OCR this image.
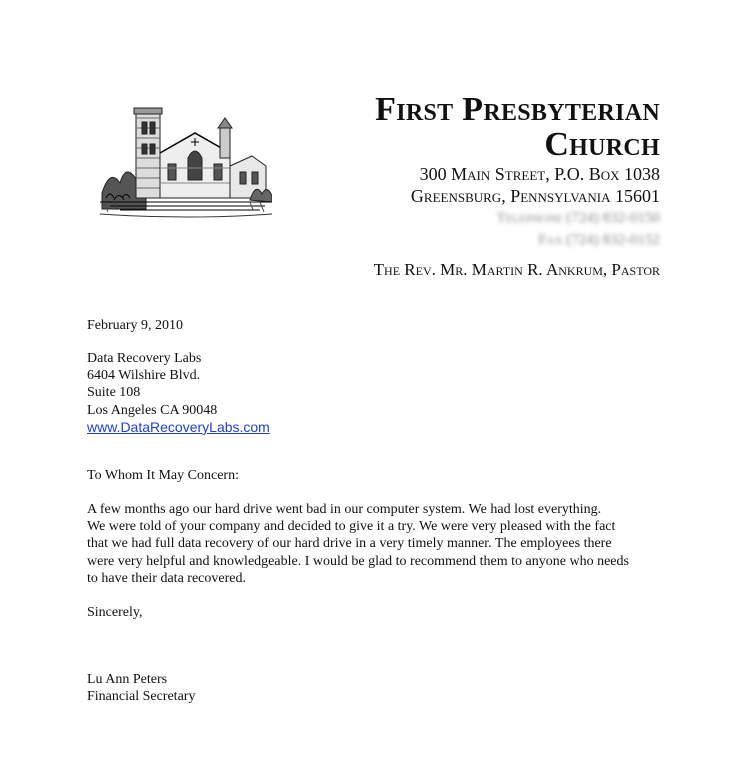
First Presbyterian
Church
300 Main Street, P.O. Box 1038
Greensburg, Pennsylvania 15601
Telephone (724) 832-0150
Fax (724) 832-0152
The Rev. Mr. Martin R. Ankrum, Pastor
February 9, 2010
Data Recovery Labs
6404 Wilshire Blvd.
Suite 108
Los Angeles CA 90048
www.DataRecoveryLabs.com
To Whom It May Concern:
A few months ago our hard drive went bad in our computer system. We had lost everything.
We were told of your company and decided to give it a try. We were very pleased with the fact
that we had full data recovery of our hard drive in a very timely manner. The employees there
were very helpful and knowledgeable. I would be glad to recommend them to anyone who needs
to have their data recovered.
Sincerely,
Lu Ann Peters
Financial Secretary
